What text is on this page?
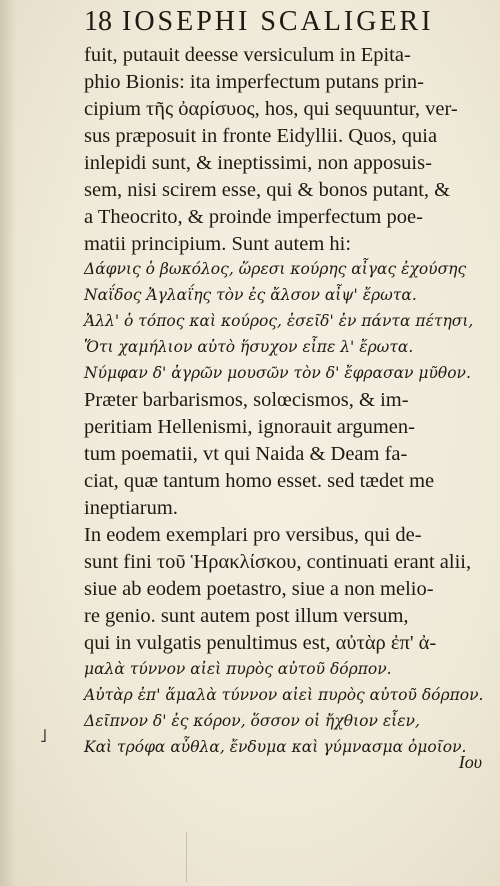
18 IOSEPHI SCALIGERI
fuit, putauit deesse versiculum in Epita-
phio Bionis: ita imperfectum putans prin-
cipium τῆς ὀαρίσυος, hos, qui sequuntur, ver-
sus præposuit in fronte Eidyllii. Quos, quia
inlepidi sunt, & ineptissimi, non apposuis-
sem, nisi scirem esse, qui & bonos putant, &
a Theocrito, & proinde imperfectum poe-
matii principium. Sunt autem hi:
Δάφνις ὁ βωκόλος, ὥρεσι κούρης αἶγας ἐχούσης
Ναΐδος Ἀγλαΐης τὸν ἐς ἄλσον αἶψ' ἔρωτα.
Ἀλλ' ὁ τόπος καὶ κούρος, ἐσεῖδ' ἐν πάντα πέτησι,
Ὅτι χαμήλιον αὐτὸ ἥσυχον εἶπε λ' ἔρωτα.
Νύμφαν δ' ἀγρῶν μουσῶν τὸν δ' ἔφρασαν μῦθον.
Præter barbarismos, solœcismos, & im-
peritiam Hellenismi, ignorauit argumen-
tum poematii, vt qui Naida & Deam fa-
ciat, quæ tantum homo esset. sed tædet me
ineptiarum.
In eodem exemplari pro versibus, qui de-
sunt fini τοῦ Ἡρακλίσκου, continuati erant alii,
siue ab eodem poetastro, siue a non melio-
re genio. sunt autem post illum versum,
qui in vulgatis penultimus est, αὐτὰρ ἐπ' ἀ-
μαλὰ τύννον αἰεὶ πυρὸς αὐτοῦ δόρπον.
Αὐτὰρ ἐπ' ἅμαλὰ τύννον αἰεὶ πυρὸς αὐτοῦ δόρπον.
Δεῖπνον δ' ἐς κόρον, ὅσσον οἱ ἤχθιον εἶεν,
Καὶ τρόφα αὖθλα, ἔνδυμα καὶ γύμνασμα ὁμοῖον.
Ιου
˩
